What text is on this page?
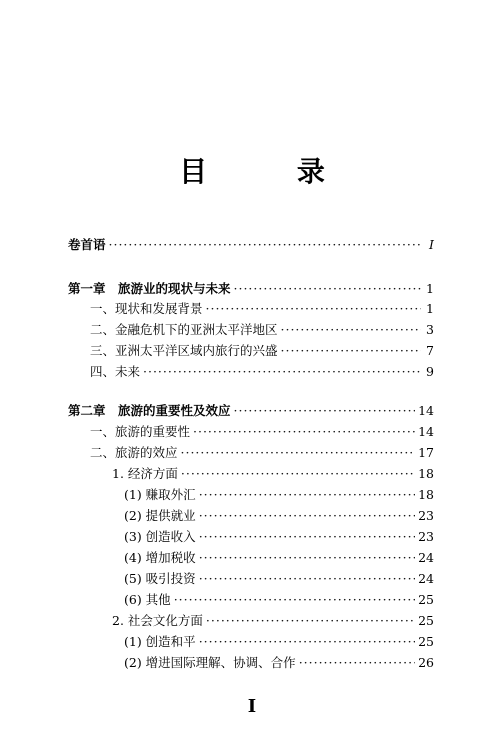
目 录
卷首语 ·····	I
第一章　旅游业的现状与未来 ·····	1
一、现状和发展背景 ·····	1
二、金融危机下的亚洲太平洋地区 ·····	3
三、亚洲太平洋区域内旅行的兴盛 ·····	7
四、未来 ·····	9
第二章　旅游的重要性及效应 ·····	14
一、旅游的重要性 ·····	14
二、旅游的效应 ·····	17
1. 经济方面 ·····	18
(1) 赚取外汇 ·····	18
(2) 提供就业 ·····	23
(3) 创造收入 ·····	23
(4) 增加税收 ·····	24
(5) 吸引投资 ·····	24
(6) 其他 ·····	25
2. 社会文化方面 ·····	25
(1) 创造和平 ·····	25
(2) 增进国际理解、协调、合作 ·····	26
I
